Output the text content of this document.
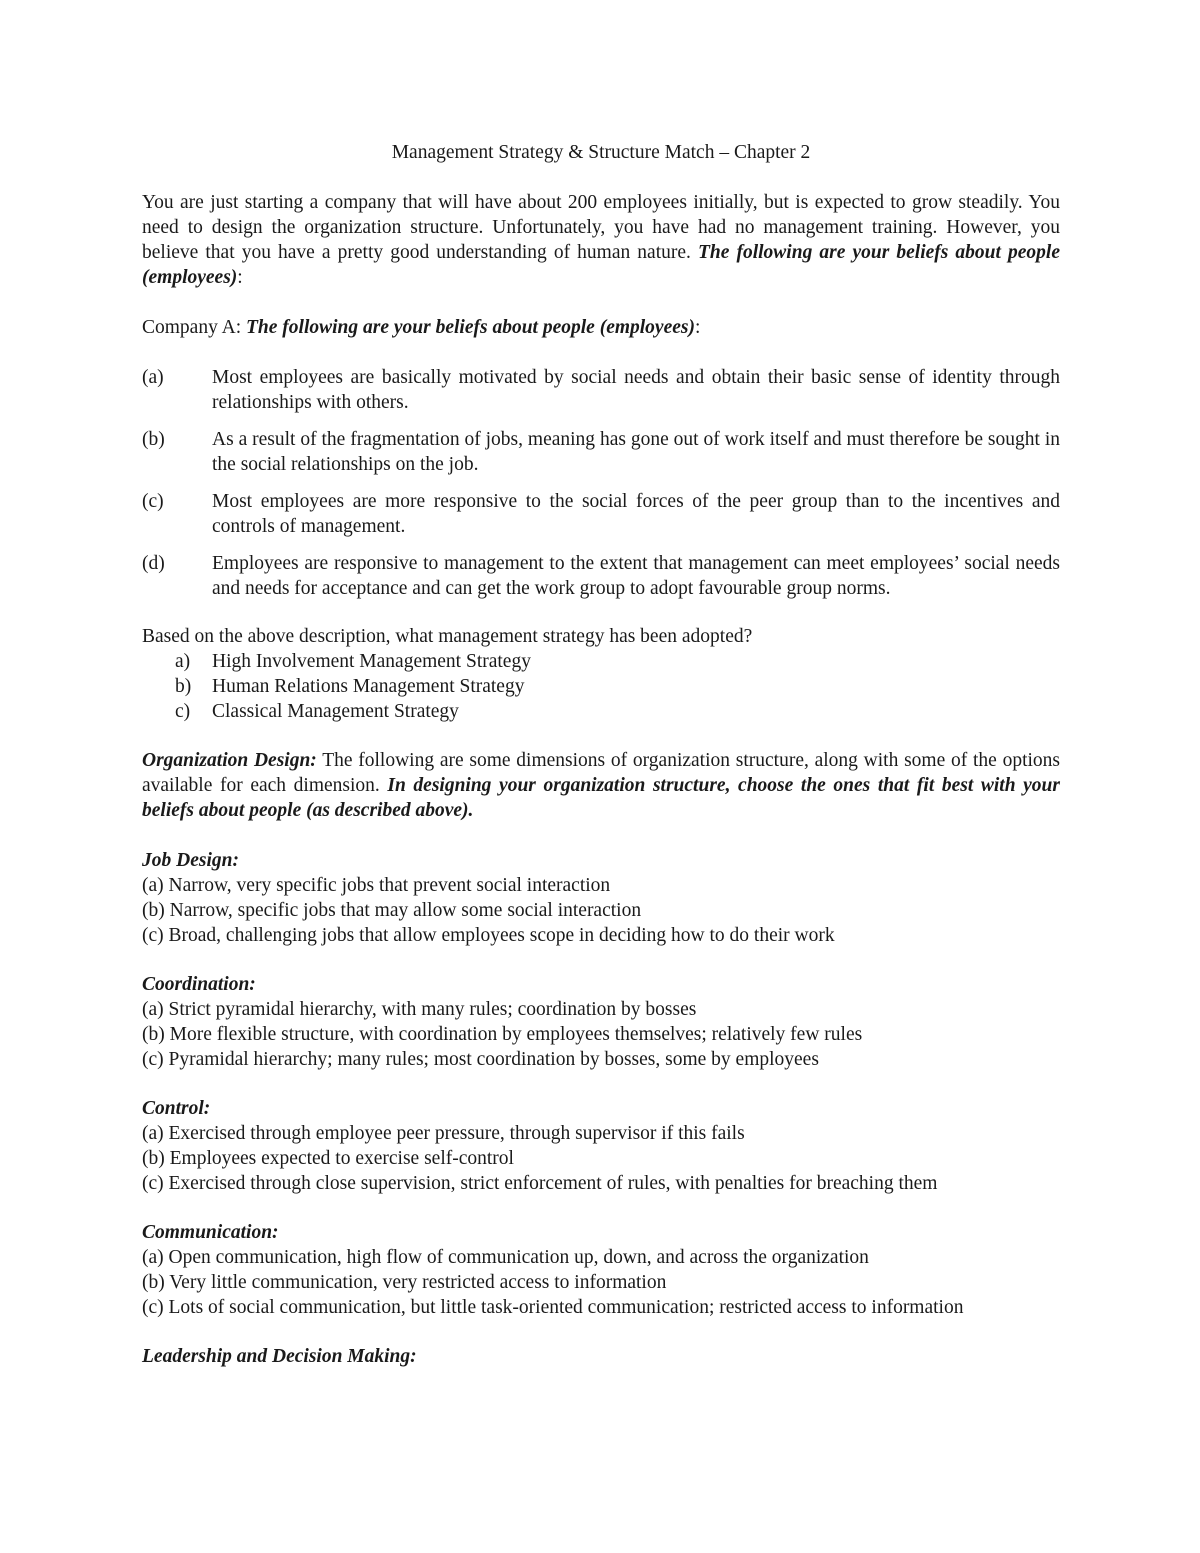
Management Strategy & Structure Match – Chapter 2

You are just starting a company that will have about 200 employees initially, but is expected to grow steadily. You need to design the organization structure. Unfortunately, you have had no management training. However, you believe that you have a pretty good understanding of human nature. The following are your beliefs about people (employees):

Company A: The following are your beliefs about people (employees):

(a)	Most employees are basically motivated by social needs and obtain their basic sense of identity through relationships with others.
(b)	As a result of the fragmentation of jobs, meaning has gone out of work itself and must therefore be sought in the social relationships on the job.
(c)	Most employees are more responsive to the social forces of the peer group than to the incentives and controls of management.
(d)	Employees are responsive to management to the extent that management can meet employees’ social needs and needs for acceptance and can get the work group to adopt favourable group norms.

Based on the above description, what management strategy has been adopted?

a)	High Involvement Management Strategy
b)	Human Relations Management Strategy
c)	Classical Management Strategy

Organization Design: The following are some dimensions of organization structure, along with some of the options available for each dimension. In designing your organization structure, choose the ones that fit best with your beliefs about people (as described above).

Job Design:
(a) Narrow, very specific jobs that prevent social interaction
(b) Narrow, specific jobs that may allow some social interaction
(c) Broad, challenging jobs that allow employees scope in deciding how to do their work
Coordination:
(a) Strict pyramidal hierarchy, with many rules; coordination by bosses
(b) More flexible structure, with coordination by employees themselves; relatively few rules
(c) Pyramidal hierarchy; many rules; most coordination by bosses, some by employees
Control:
(a) Exercised through employee peer pressure, through supervisor if this fails
(b) Employees expected to exercise self-control
(c) Exercised through close supervision, strict enforcement of rules, with penalties for breaching them
Communication:
(a) Open communication, high flow of communication up, down, and across the organization
(b) Very little communication, very restricted access to information
(c) Lots of social communication, but little task-oriented communication; restricted access to information
Leadership and Decision Making:
